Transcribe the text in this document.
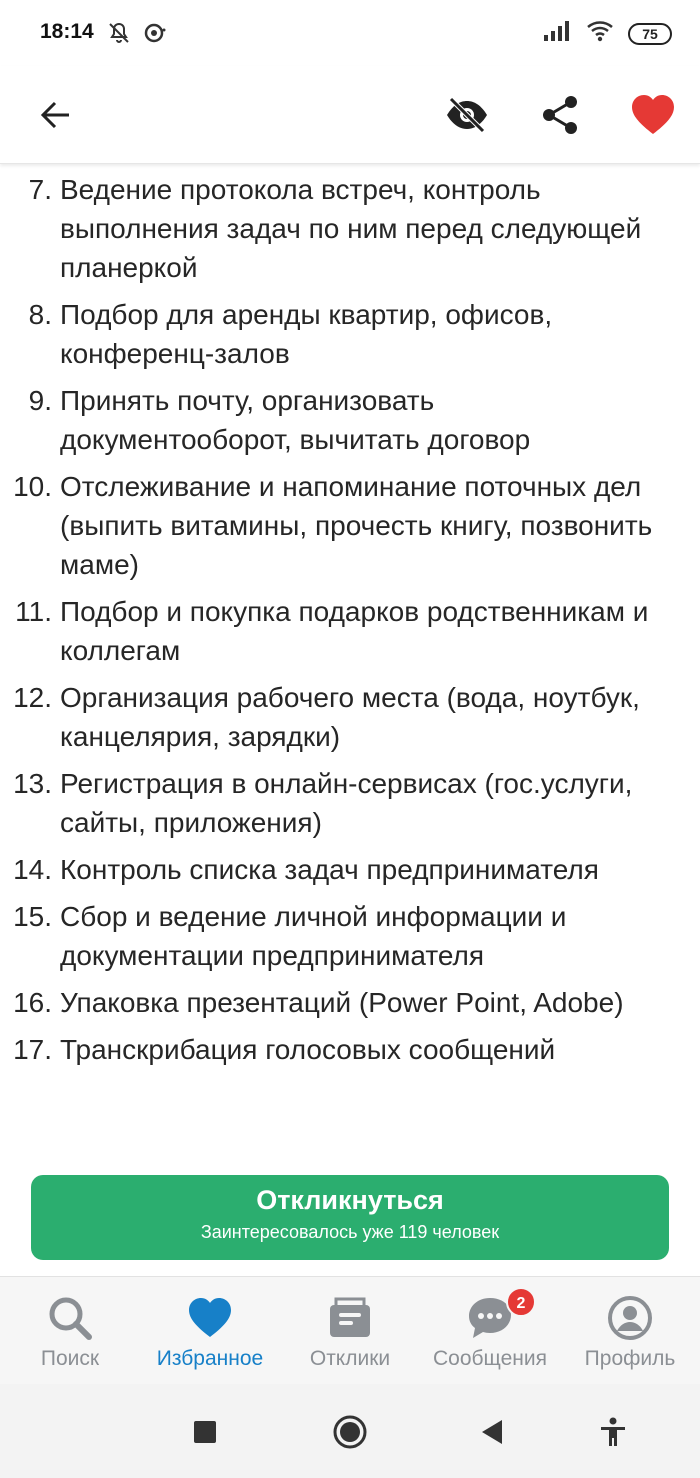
18:14	75
7. Ведение протокола встреч, контроль выполнения задач по ним перед следующей планеркой
8. Подбор для аренды квартир, офисов, конференц-залов
9. Принять почту, организовать документооборот, вычитать договор
10. Отслеживание и напоминание поточных дел (выпить витамины, прочесть книгу, позвонить маме)
11. Подбор и покупка подарков родственникам и коллегам
12. Организация рабочего места (вода, ноутбук, канцелярия, зарядки)
13. Регистрация в онлайн-сервисах (гос.услуги, сайты, приложения)
14. Контроль списка задач предпринимателя
15. Сбор и ведение личной информации и документации предпринимателя
16. Упаковка презентаций (Power Point, Adobe)
17. Транскрибация голосовых сообщений
Откликнуться
Заинтересовалось уже 119 человек
Поиск	Избранное Отклики
2
Сообщения Профиль
